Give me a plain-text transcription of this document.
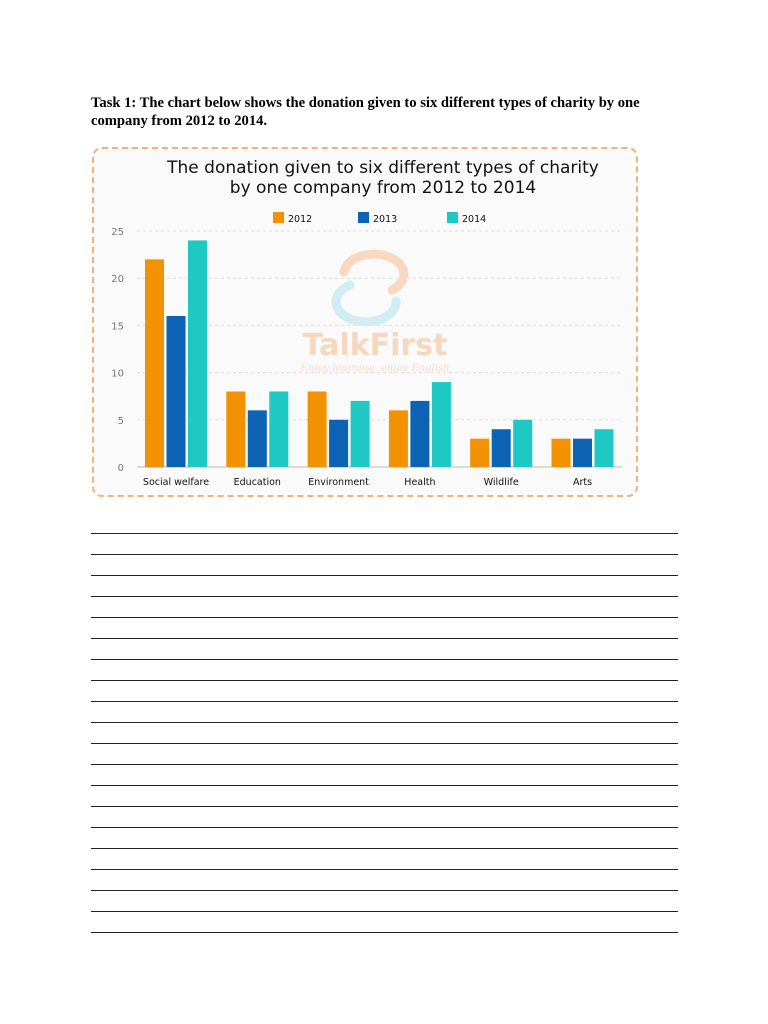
Task 1: The chart below shows the donation given to six different types of charity by one company from 2012 to 2014.

The donation given to six different types of charity
by one company from 2012 to 2014
0
5
10
15
20
25
TalkFirst
Enjoy learning, enjoy English
Social welfare	Education	Environment	Health	Wildlife	Arts
2012	2013	2014
